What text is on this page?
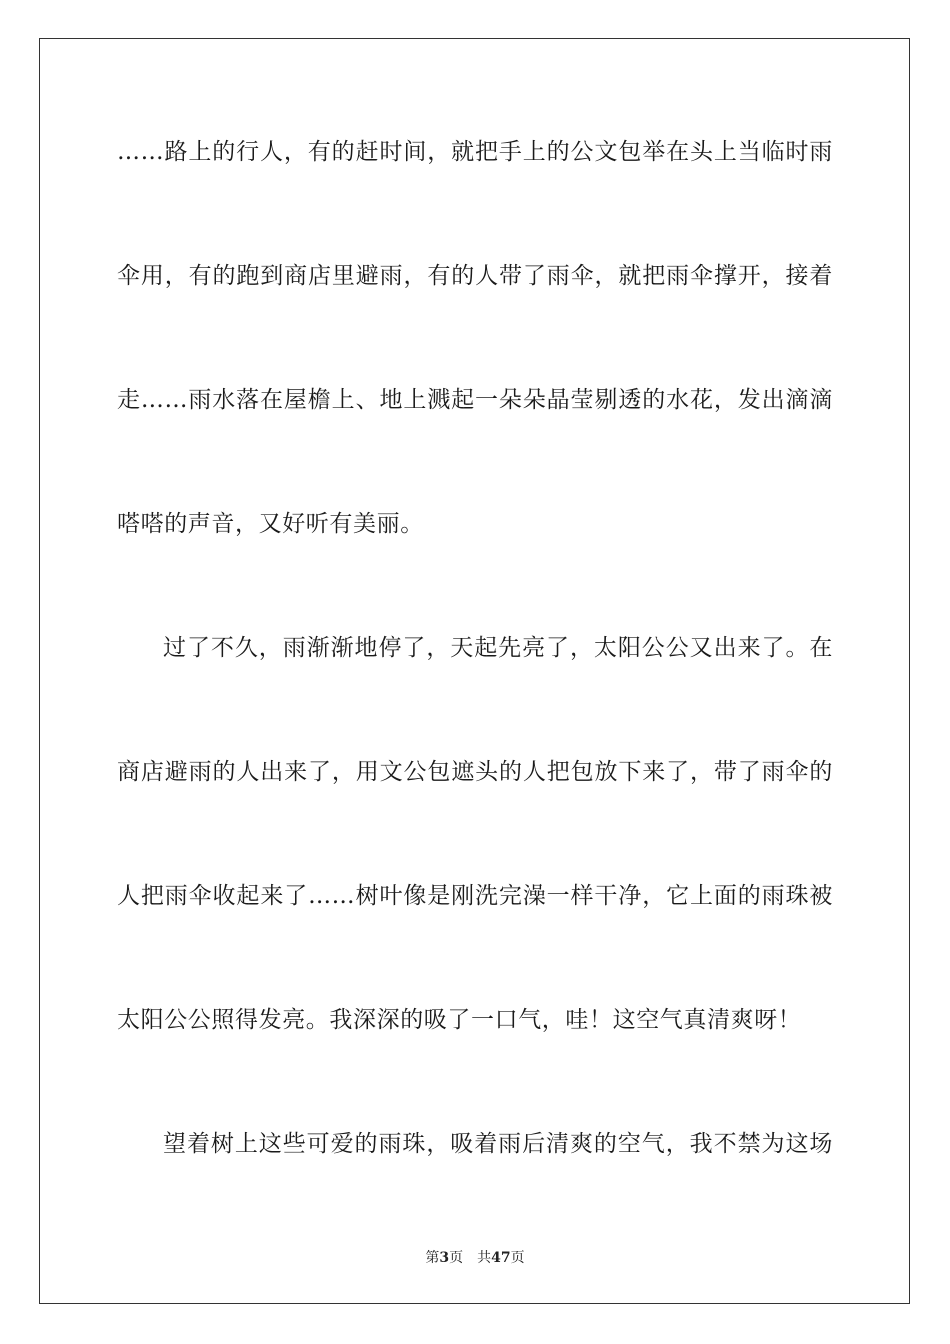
……路上的行人，有的赶时间，就把手上的公文包举在头上当临时雨
伞用，有的跑到商店里避雨，有的人带了雨伞，就把雨伞撑开，接着
走……雨水落在屋檐上、地上溅起一朵朵晶莹剔透的水花，发出滴滴
嗒嗒的声音，又好听有美丽。
过了不久，雨渐渐地停了，天起先亮了，太阳公公又出来了。在
商店避雨的人出来了，用文公包遮头的人把包放下来了，带了雨伞的
人把雨伞收起来了……树叶像是刚洗完澡一样干净，它上面的雨珠被
太阳公公照得发亮。我深深的吸了一口气，哇！这空气真清爽呀！
望着树上这些可爱的雨珠，吸着雨后清爽的空气，我不禁为这场
第3页 共47页
